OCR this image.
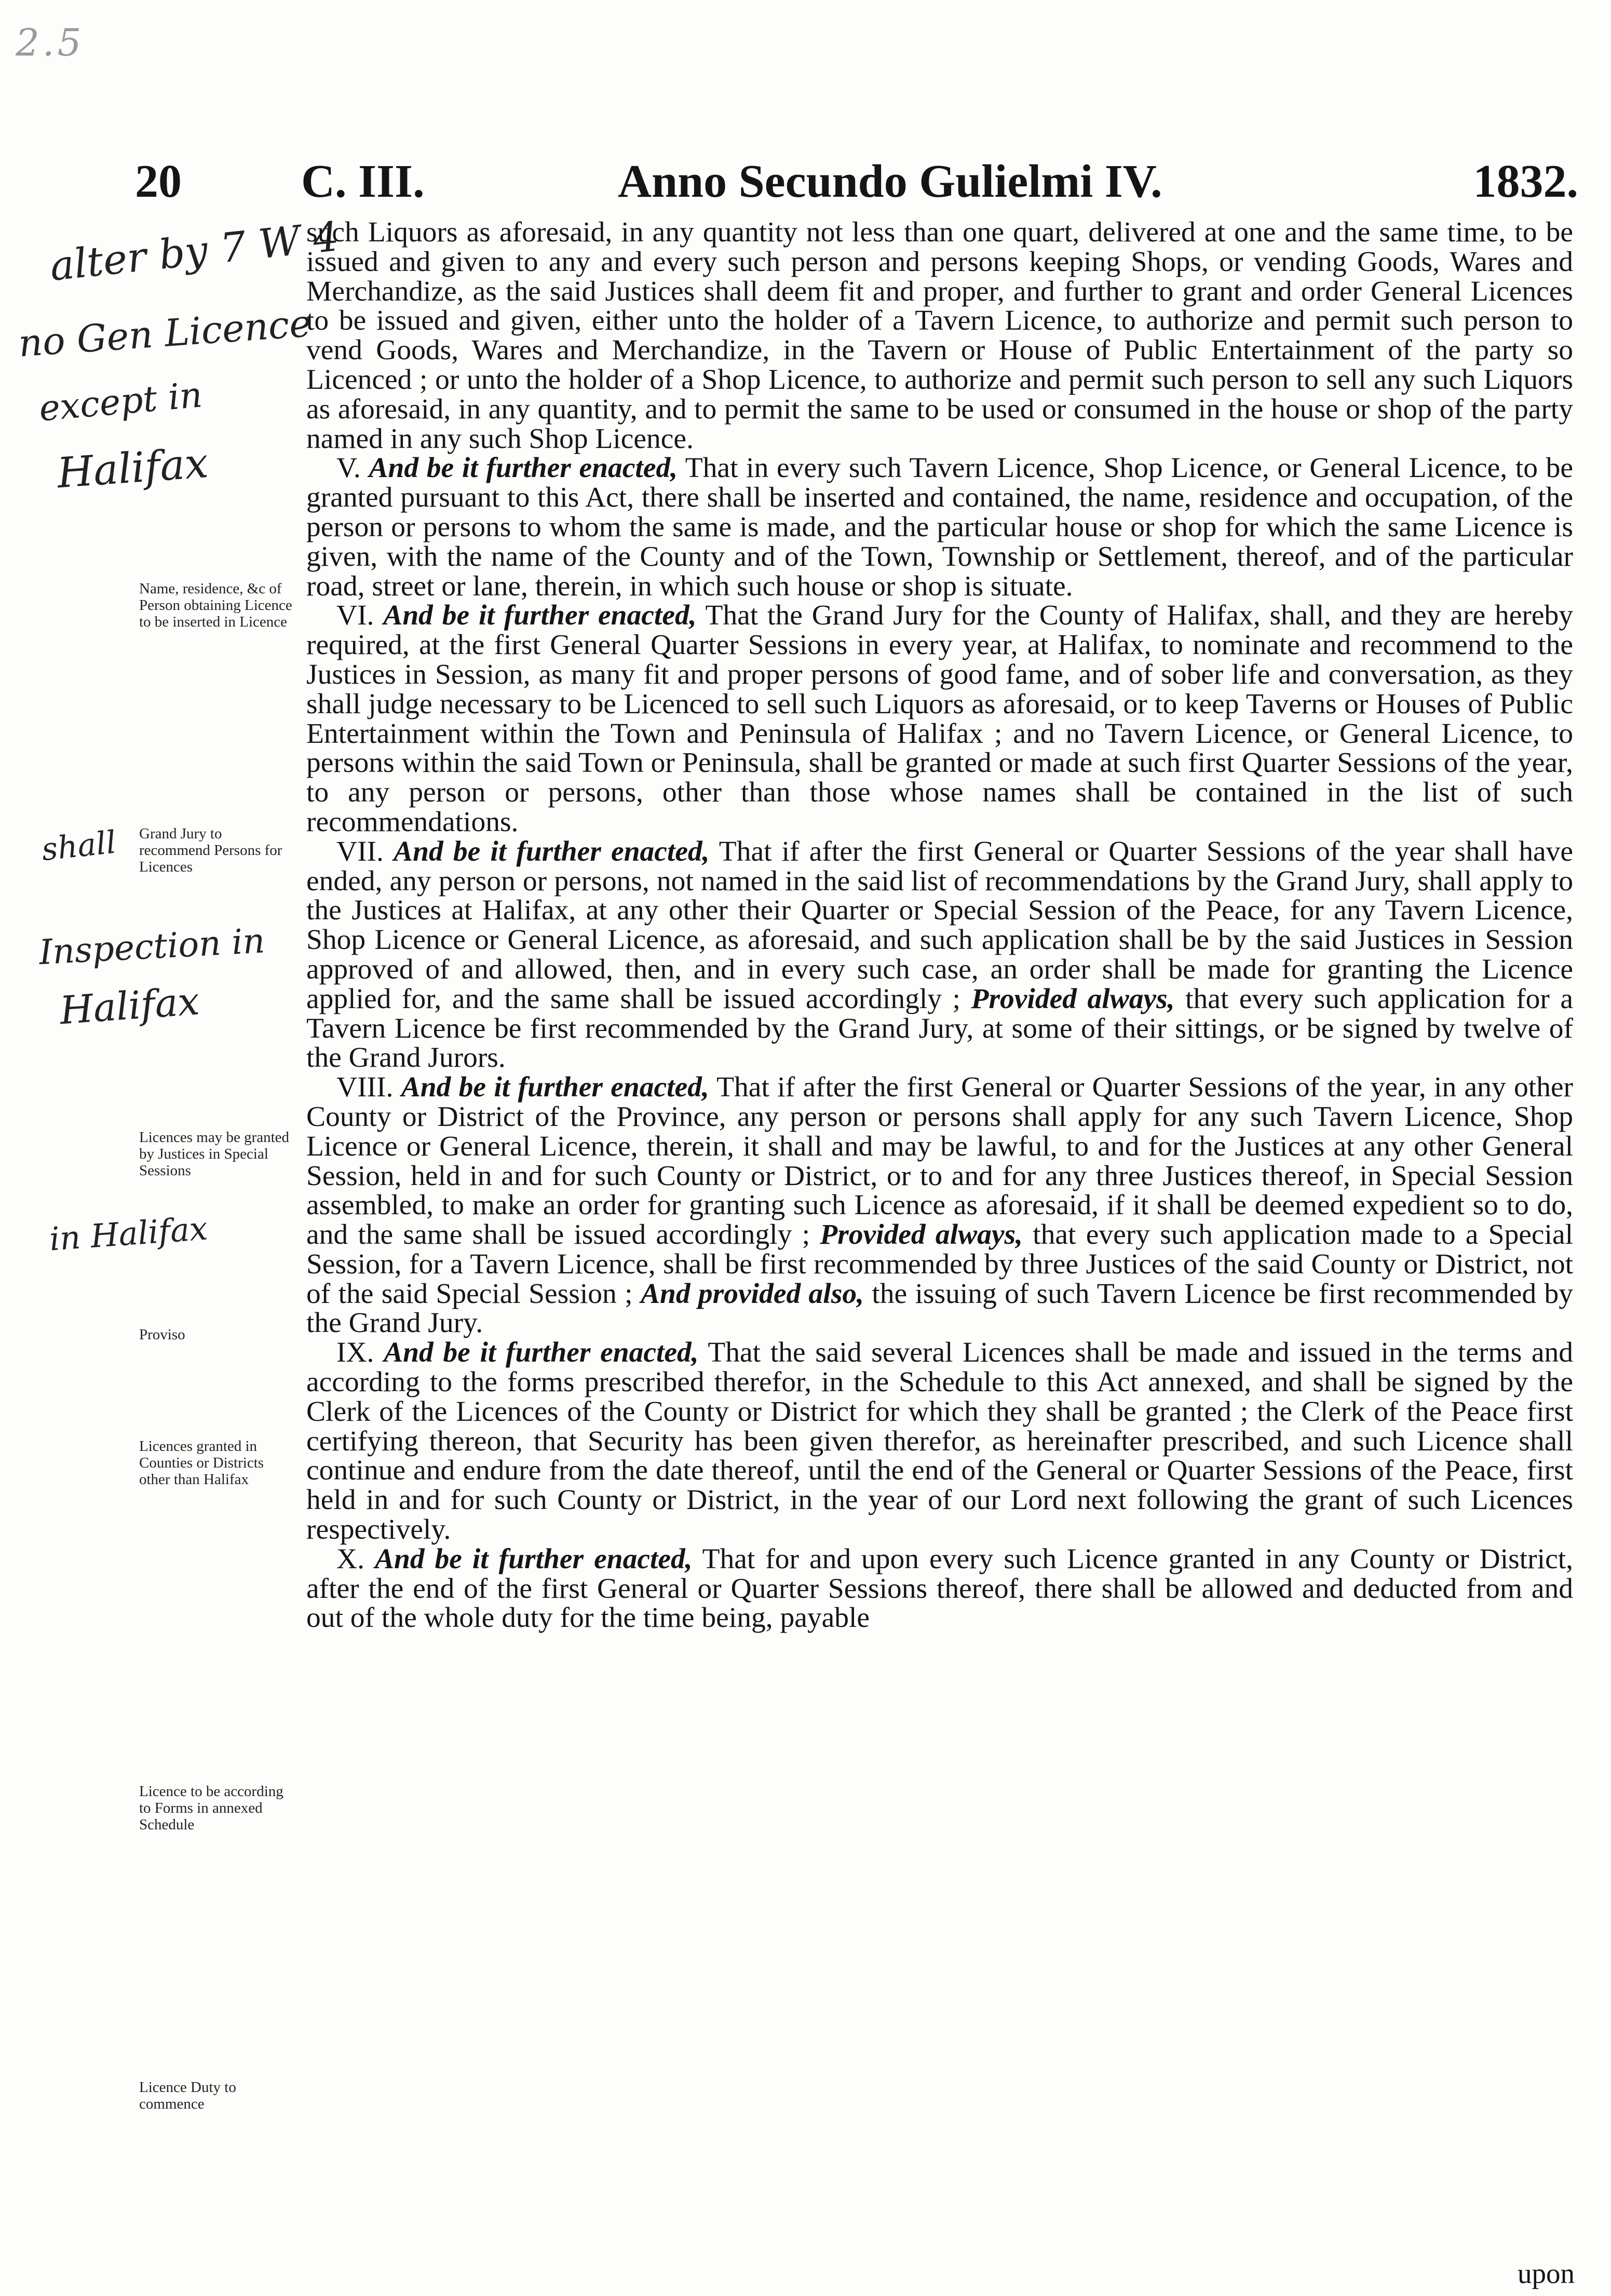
2.5
20	C. III.	Anno Secundo Gulielmi IV.	1832.
alter by 7 W 4
no Gen Licence
except in
Halifax
shall
Inspection in
Halifax
in Halifax
Name, residence, &c of Person obtaining Licence to be inserted in Licence
Grand Jury to recommend Persons for Licences
Licences may be granted by Justices in Special Sessions
Proviso
Licences granted in Counties or Districts other than Halifax
Licence to be according to Forms in annexed Schedule
Licence Duty to commence

such Liquors as aforesaid, in any quantity not less than one quart, delivered at one and the same time, to be issued and given to any and every such person and persons keeping Shops, or vending Goods, Wares and Merchandize, as the said Justices shall deem fit and proper, and further to grant and order General Licences to be issued and given, either unto the holder of a Tavern Licence, to authorize and permit such person to vend Goods, Wares and Merchandize, in the Tavern or House of Public Entertainment of the party so Licenced ; or unto the holder of a Shop Licence, to authorize and permit such person to sell any such Liquors as aforesaid, in any quantity, and to permit the same to be used or consumed in the house or shop of the party named in any such Shop Licence.

V. And be it further enacted, That in every such Tavern Licence, Shop Licence, or General Licence, to be granted pursuant to this Act, there shall be inserted and contained, the name, residence and occupation, of the person or persons to whom the same is made, and the particular house or shop for which the same Licence is given, with the name of the County and of the Town, Township or Settlement, thereof, and of the particular road, street or lane, therein, in which such house or shop is situate.

VI. And be it further enacted, That the Grand Jury for the County of Halifax, shall, and they are hereby required, at the first General Quarter Sessions in every year, at Halifax, to nominate and recommend to the Justices in Session, as many fit and proper persons of good fame, and of sober life and conversation, as they shall judge necessary to be Licenced to sell such Liquors as aforesaid, or to keep Taverns or Houses of Public Entertainment within the Town and Peninsula of Halifax ; and no Tavern Licence, or General Licence, to persons within the said Town or Peninsula, shall be granted or made at such first Quarter Sessions of the year, to any person or persons, other than those whose names shall be contained in the list of such recommendations.

VII. And be it further enacted, That if after the first General or Quarter Sessions of the year shall have ended, any person or persons, not named in the said list of recommendations by the Grand Jury, shall apply to the Justices at Halifax, at any other their Quarter or Special Session of the Peace, for any Tavern Licence, Shop Licence or General Licence, as aforesaid, and such application shall be by the said Justices in Session approved of and allowed, then, and in every such case, an order shall be made for granting the Licence applied for, and the same shall be issued accordingly ; Provided always, that every such application for a Tavern Licence be first recommended by the Grand Jury, at some of their sittings, or be signed by twelve of the Grand Jurors.

VIII. And be it further enacted, That if after the first General or Quarter Sessions of the year, in any other County or District of the Province, any person or persons shall apply for any such Tavern Licence, Shop Licence or General Licence, therein, it shall and may be lawful, to and for the Justices at any other General Session, held in and for such County or District, or to and for any three Justices thereof, in Special Session assembled, to make an order for granting such Licence as aforesaid, if it shall be deemed expedient so to do, and the same shall be issued accordingly ; Provided always, that every such application made to a Special Session, for a Tavern Licence, shall be first recommended by three Justices of the said County or District, not of the said Special Session ; And provided also, the issuing of such Tavern Licence be first recommended by the Grand Jury.

IX. And be it further enacted, That the said several Licences shall be made and issued in the terms and according to the forms prescribed therefor, in the Schedule to this Act annexed, and shall be signed by the Clerk of the Licences of the County or District for which they shall be granted ; the Clerk of the Peace first certifying thereon, that Security has been given therefor, as hereinafter prescribed, and such Licence shall continue and endure from the date thereof, until the end of the General or Quarter Sessions of the Peace, first held in and for such County or District, in the year of our Lord next following the grant of such Licences respectively.

X. And be it further enacted, That for and upon every such Licence granted in any County or District, after the end of the first General or Quarter Sessions thereof, there shall be allowed and deducted from and out of the whole duty for the time being, payable

upon
